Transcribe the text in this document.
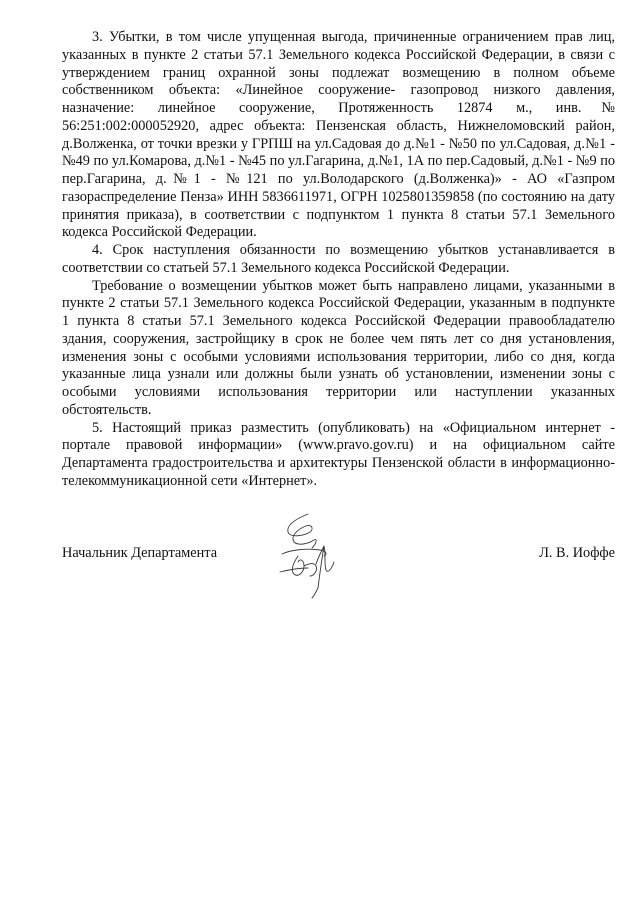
3. Убытки, в том числе упущенная выгода, причиненные ограничением прав лиц, указанных в пункте 2 статьи 57.1 Земельного кодекса Российской Федерации, в связи с утверждением границ охранной зоны подлежат возмещению в полном объеме собственником объекта: «Линейное сооружение- газопровод низкого давления, назначение: линейное сооружение, Протяженность 12874 м., инв.№ 56:251:002:000052920, адрес объекта: Пензенская область, Нижнеломовский район, д.Волженка, от точки врезки у ГРПШ на ул.Садовая до д.№1 - №50 по ул.Садовая, д.№1 - №49 по ул.Комарова, д.№1 - №45 по ул.Гагарина, д.№1, 1А по пер.Садовый, д.№1 - №9 по пер.Гагарина, д.№1 - №121 по ул.Володарского (д.Волженка)» - АО «Газпром газораспределение Пенза» ИНН 5836611971, ОГРН 1025801359858 (по состоянию на дату принятия приказа), в соответствии с подпунктом 1 пункта 8 статьи 57.1 Земельного кодекса Российской Федерации.

4. Срок наступления обязанности по возмещению убытков устанавливается в соответствии со статьей 57.1 Земельного кодекса Российской Федерации.

Требование о возмещении убытков может быть направлено лицами, указанными в пункте 2 статьи 57.1 Земельного кодекса Российской Федерации, указанным в подпункте 1 пункта 8 статьи 57.1 Земельного кодекса Российской Федерации правообладателю здания, сооружения, застройщику в срок не более чем пять лет со дня установления, изменения зоны с особыми условиями использования территории, либо со дня, когда указанные лица узнали или должны были узнать об установлении, изменении зоны с особыми условиями использования территории или наступлении указанных обстоятельств.

5. Настоящий приказ разместить (опубликовать) на «Официальном интернет - портале правовой информации» (www.pravo.gov.ru) и на официальном сайте Департамента градостроительства и архитектуры Пензенской области в информационно-телекоммуникационной сети «Интернет».

Начальник Департамента	Л. В. Иоффе
